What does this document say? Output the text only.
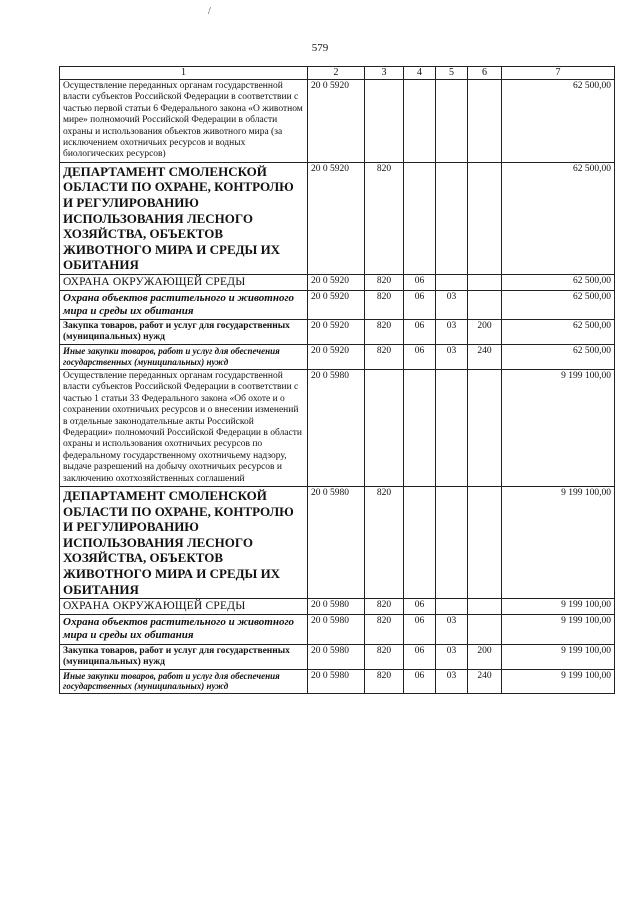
/
579
1	2	3	4	5	6	7
Осуществление переданных органам государственной власти субъектов Российской Федерации в соответствии с частью первой статьи 6 Федерального закона «О животном мире» полномочий Российской Федерации в области охраны и использования объектов животного мира (за исключением охотничьих ресурсов и водных биологических ресурсов)	20 0 5920					62 500,00
ДЕПАРТАМЕНТ СМОЛЕНСКОЙ ОБЛАСТИ ПО ОХРАНЕ, КОНТРОЛЮ И РЕГУЛИРОВАНИЮ ИСПОЛЬЗОВАНИЯ ЛЕСНОГО ХОЗЯЙСТВА, ОБЪЕКТОВ ЖИВОТНОГО МИРА И СРЕДЫ ИХ ОБИТАНИЯ	20 0 5920	820				62 500,00
ОХРАНА ОКРУЖАЮЩЕЙ СРЕДЫ	20 0 5920	820	06			62 500,00
Охрана объектов растительного и животного мира и среды их обитания	20 0 5920	820	06	03		62 500,00
Закупка товаров, работ и услуг для государственных (муниципальных) нужд	20 0 5920	820	06	03	200	62 500,00
Иные закупки товаров, работ и услуг для обеспечения государственных (муниципальных) нужд	20 0 5920	820	06	03	240	62 500,00
Осуществление переданных органам государственной власти субъектов Российской Федерации в соответствии с частью 1 статьи 33 Федерального закона «Об охоте и о сохранении охотничьих ресурсов и о внесении изменений в отдельные законодательные акты Российской Федерации» полномочий Российской Федерации в области охраны и использования охотничьих ресурсов по федеральному государственному охотничьему надзору, выдаче разрешений на добычу охотничьих ресурсов и заключению охотхозяйственных соглашений	20 0 5980					9 199 100,00
ДЕПАРТАМЕНТ СМОЛЕНСКОЙ ОБЛАСТИ ПО ОХРАНЕ, КОНТРОЛЮ И РЕГУЛИРОВАНИЮ ИСПОЛЬЗОВАНИЯ ЛЕСНОГО ХОЗЯЙСТВА, ОБЪЕКТОВ ЖИВОТНОГО МИРА И СРЕДЫ ИХ ОБИТАНИЯ	20 0 5980	820				9 199 100,00
ОХРАНА ОКРУЖАЮЩЕЙ СРЕДЫ	20 0 5980	820	06			9 199 100,00
Охрана объектов растительного и животного мира и среды их обитания	20 0 5980	820	06	03		9 199 100,00
Закупка товаров, работ и услуг для государственных (муниципальных) нужд	20 0 5980	820	06	03	200	9 199 100,00
Иные закупки товаров, работ и услуг для обеспечения государственных (муниципальных) нужд	20 0 5980	820	06	03	240	9 199 100,00
